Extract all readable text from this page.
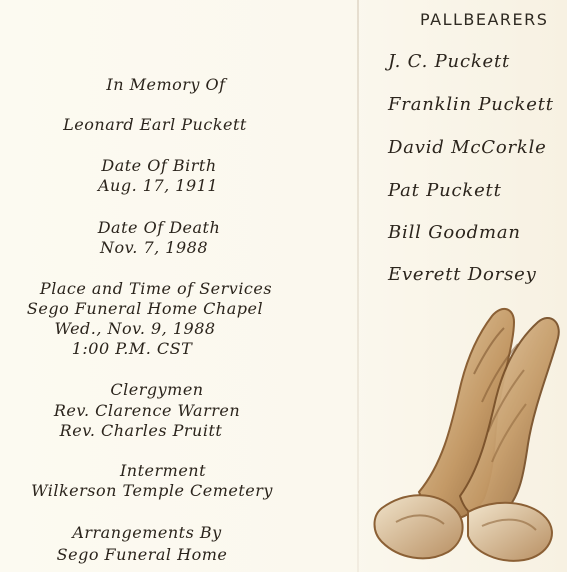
In Memory Of
Leonard Earl Puckett
Date Of Birth
Aug. 17, 1911
Date Of Death
Nov. 7, 1988
Place and Time of Services
Sego Funeral Home Chapel
Wed., Nov. 9, 1988
1:00 P.M. CST
Clergymen
Rev. Clarence Warren
Rev. Charles Pruitt
Interment
Wilkerson Temple Cemetery
Arrangements By
Sego Funeral Home
PALLBEARERS
J. C. Puckett
Franklin Puckett
David McCorkle
Pat Puckett
Bill Goodman
Everett Dorsey
